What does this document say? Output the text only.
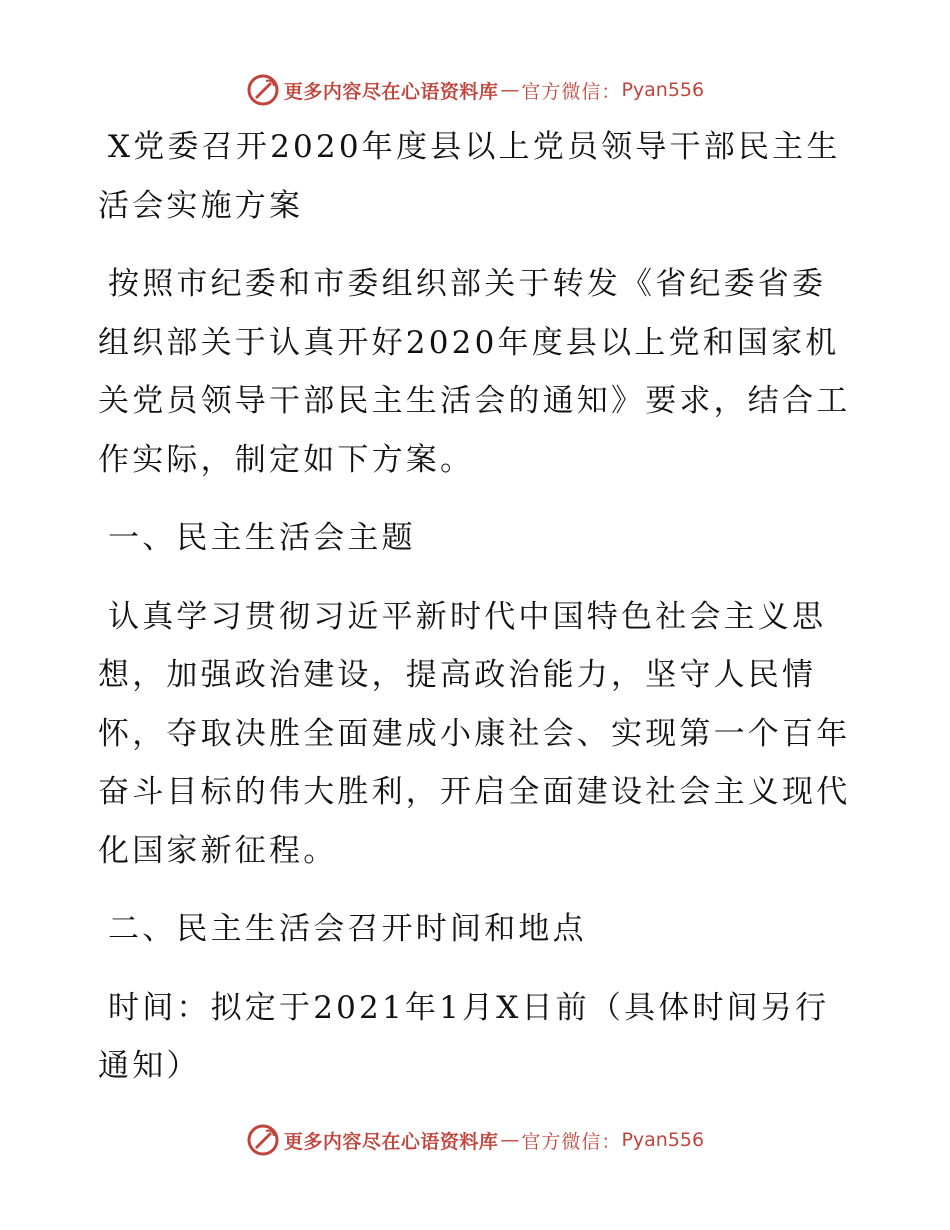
更多内容尽在心语资料库 — 官方微信： Pyan556

X党委召开2020年度县以上党员领导干部民主生活会实施方案

按照市纪委和市委组织部关于转发《省纪委省委组织部关于认真开好2020年度县以上党和国家机关党员领导干部民主生活会的通知》要求，结合工作实际，制定如下方案。

一、民主生活会主题

认真学习贯彻习近平新时代中国特色社会主义思想，加强政治建设，提高政治能力，坚守人民情怀，夺取决胜全面建成小康社会、实现第一个百年奋斗目标的伟大胜利，开启全面建设社会主义现代化国家新征程。

二、民主生活会召开时间和地点

时间：拟定于2021年1月X日前（具体时间另行通知）

更多内容尽在心语资料库 — 官方微信： Pyan556
